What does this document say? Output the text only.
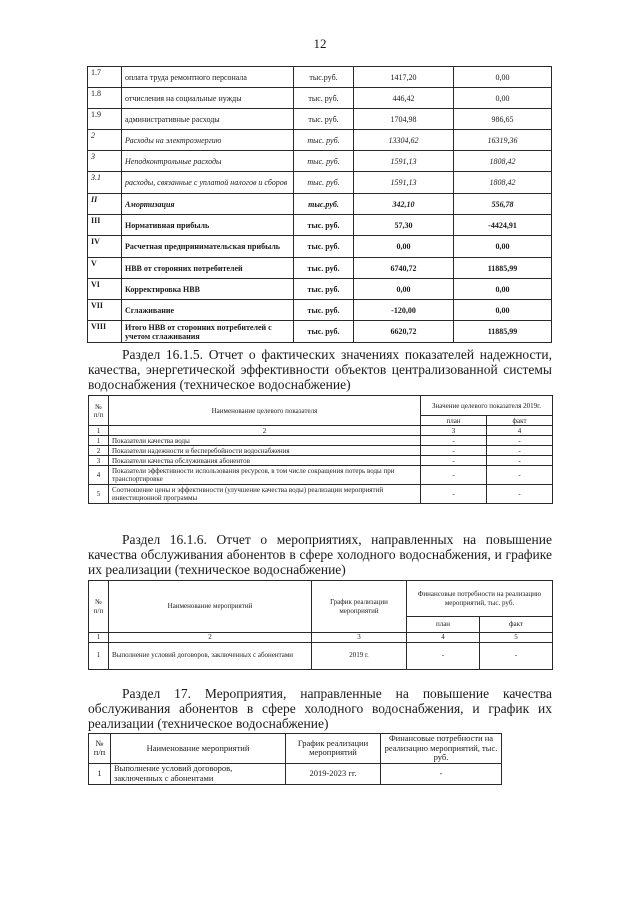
12
1.7	оплата труда ремонтного персонала	тыс.руб.	1417,20	0,00
1.8	отчисления на социальные нужды	тыс. руб.	446,42	0,00
1.9	административные расходы	тыс. руб.	1704,98	986,65
2	Расходы на электроэнергию	тыс. руб.	13304,62	16319,36
3	Неподконтрольные расходы	тыс. руб.	1591,13	1808,42
3.1	расходы, связанные с уплатой налогов и сборов	тыс. руб.	1591,13	1808,42
II	Амортизация	тыс.руб.	342,10	556,78
III	Нормативная прибыль	тыс. руб.	57,30	-4424,91
IV	Расчетная предпринимательская прибыль	тыс. руб.	0,00	0,00
V	НВВ от сторонних потребителей	тыс. руб.	6740,72	11885,99
VI	Корректировка НВВ	тыс. руб.	0,00	0,00
VII	Сглаживание	тыс. руб.	-120,00	0,00
VIII	Итого НВВ от сторонних потребителей с учетом сглаживания	тыс. руб.	6620,72	11885,99
Раздел 16.1.5. Отчет о фактических значениях показателей надежности, качества, энергетической эффективности объектов централизованной системы водоснабжения (техническое водоснабжение)
№ п/п	Наименование целевого показателя	Значение целевого показателя 2019г.	
		план	факт
1	2	3	4
1	Показатели качества воды	-	-
2	Показатели надежности и бесперебойности водоснабжения	-	-
3	Показатели качества обслуживания абонентов	-	-
4	Показатели эффективности использования ресурсов, в том числе сокращения потерь воды при транспортировке	-	-
5	Соотношение цены и эффективности (улучшение качества воды) реализации мероприятий инвестиционной программы	-	-
Раздел 16.1.6. Отчет о мероприятиях, направленных на повышение качества обслуживания абонентов в сфере холодного водоснабжения, и графике их реализации (техническое водоснабжение)
№ п/п	Наименование мероприятий	График реализации мероприятий	Финансовые потребности на реализацию мероприятий, тыс. руб.	
			план	факт
1	2	3	4	5
1	Выполнение условий договоров, заключенных с абонентами	2019 г.	-	-
Раздел 17. Мероприятия, направленные на повышение качества обслуживания абонентов в сфере холодного водоснабжения, и график их реализации (техническое водоснабжение)
№ п/п	Наименование мероприятий	График реализации мероприятий	Финансовые потребности на реализацию мероприятий, тыс. руб.
1	Выполнение условий договоров, заключенных с абонентами	2019-2023 гг.	-
